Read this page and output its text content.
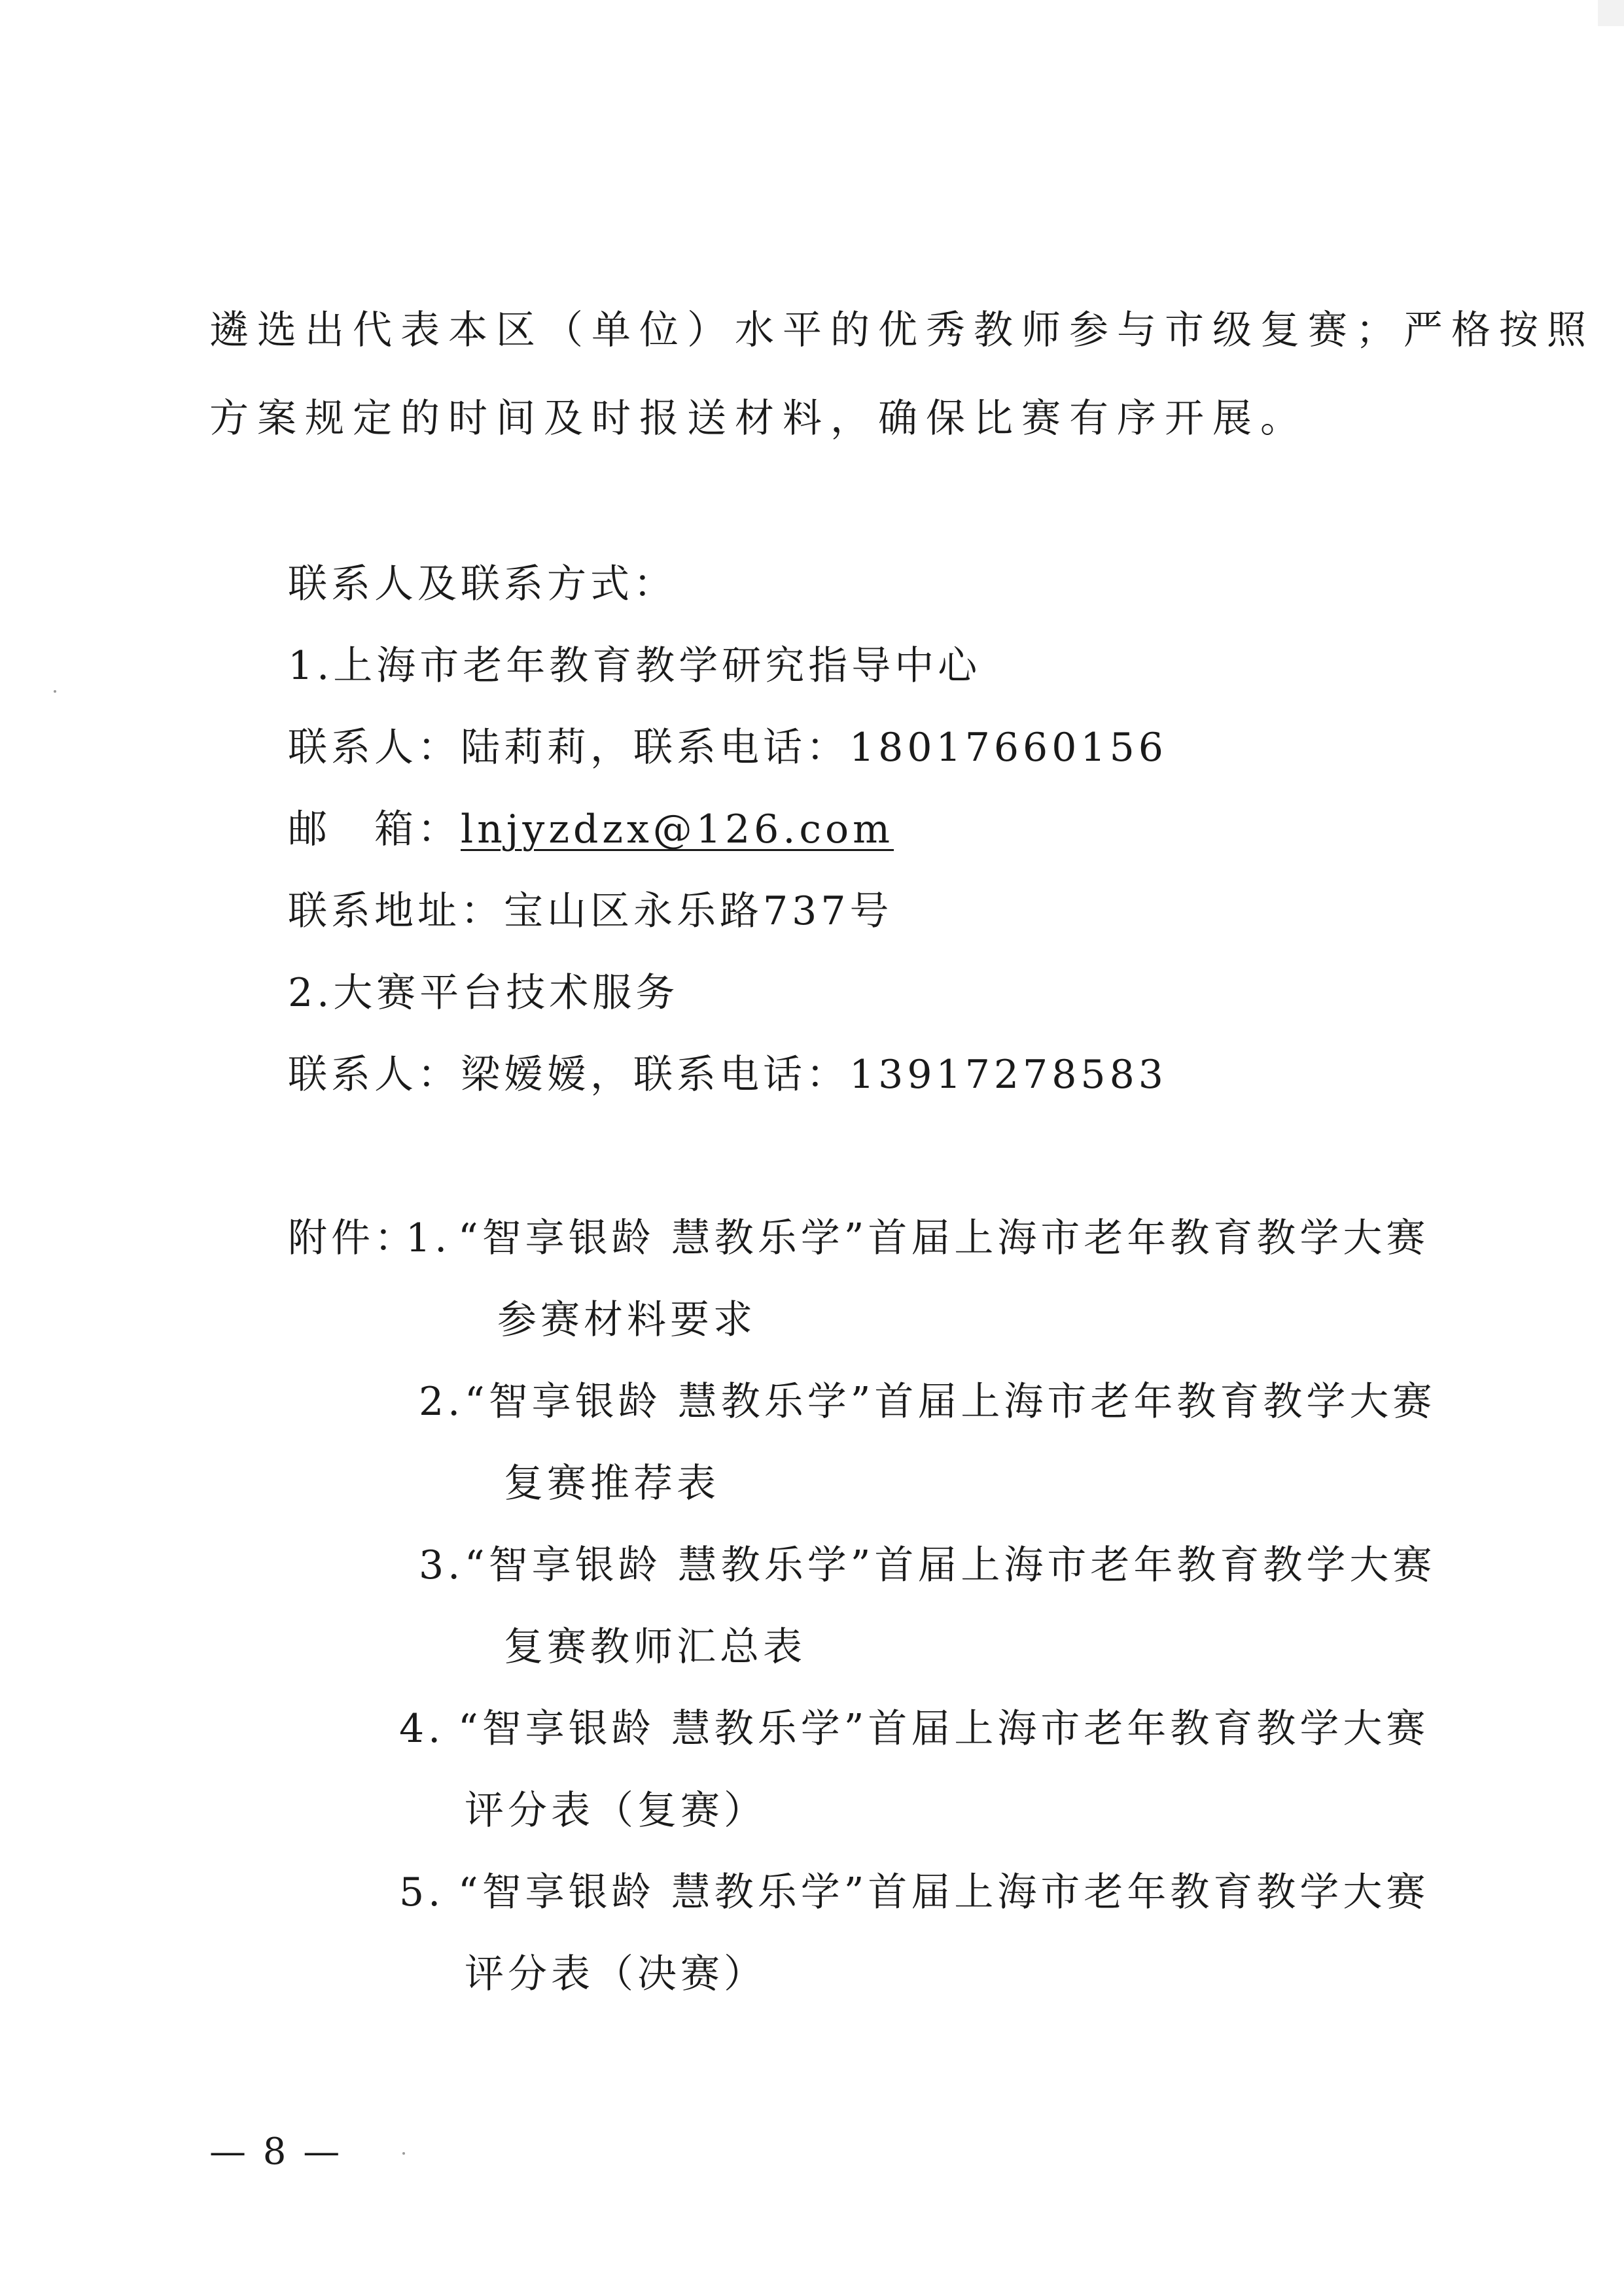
遴选出代表本区（单位）水平的优秀教师参与市级复赛；严格按照
方案规定的时间及时报送材料，确保比赛有序开展。
联系人及联系方式：
1.上海市老年教育教学研究指导中心
联系人：陆莉莉，联系电话：18017660156
邮　箱：lnjyzdzx@126.com
联系地址：宝山区永乐路737号
2.大赛平台技术服务
联系人：梁嫒嫒，联系电话：13917278583
附件：
1. “智享银龄 慧教乐学”首届上海市老年教育教学大赛
参赛材料要求
2. “智享银龄 慧教乐学”首届上海市老年教育教学大赛
复赛推荐表
3. “智享银龄 慧教乐学”首届上海市老年教育教学大赛
复赛教师汇总表
4. “智享银龄 慧教乐学”首届上海市老年教育教学大赛
评分表（复赛）
5. “智享银龄 慧教乐学”首届上海市老年教育教学大赛
评分表（决赛）
— 8 —
